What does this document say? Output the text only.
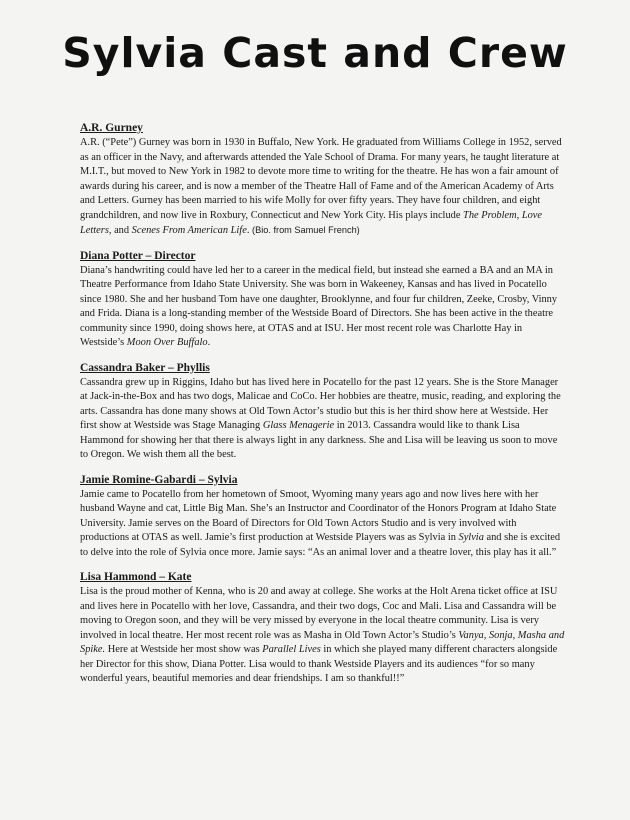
Sylvia Cast and Crew
A.R. Gurney

A.R. (“Pete”) Gurney was born in 1930 in Buffalo, New York. He graduated from Williams College in 1952, served as an officer in the Navy, and afterwards attended the Yale School of Drama. For many years, he taught literature at M.I.T., but moved to New York in 1982 to devote more time to writing for the theatre. He has won a fair amount of awards during his career, and is now a member of the Theatre Hall of Fame and of the American Academy of Arts and Letters. Gurney has been married to his wife Molly for over fifty years. They have four children, and eight grandchildren, and now live in Roxbury, Connecticut and New York City. His plays include The Problem, Love Letters, and Scenes From American Life. (Bio. from Samuel French)

Diana Potter – Director

Diana’s handwriting could have led her to a career in the medical field, but instead she earned a BA and an MA in Theatre Performance from Idaho State University. She was born in Wakeeney, Kansas and has lived in Pocatello since 1980. She and her husband Tom have one daughter, Brooklynne, and four fur children, Zeeke, Crosby, Vinny and Frida. Diana is a long-standing member of the Westside Board of Directors. She has been active in the theatre community since 1990, doing shows here, at OTAS and at ISU. Her most recent role was Charlotte Hay in Westside’s Moon Over Buffalo.

Cassandra Baker – Phyllis

Cassandra grew up in Riggins, Idaho but has lived here in Pocatello for the past 12 years. She is the Store Manager at Jack-in-the-Box and has two dogs, Malicae and CoCo. Her hobbies are theatre, music, reading, and exploring the arts. Cassandra has done many shows at Old Town Actor’s studio but this is her third show here at Westside. Her first show at Westside was Stage Managing Glass Menagerie in 2013. Cassandra would like to thank Lisa Hammond for showing her that there is always light in any darkness. She and Lisa will be leaving us soon to move to Oregon. We wish them all the best.

Jamie Romine-Gabardi – Sylvia

Jamie came to Pocatello from her hometown of Smoot, Wyoming many years ago and now lives here with her husband Wayne and cat, Little Big Man. She’s an Instructor and Coordinator of the Honors Program at Idaho State University. Jamie serves on the Board of Directors for Old Town Actors Studio and is very involved with productions at OTAS as well. Jamie’s first production at Westside Players was as Sylvia in Sylvia and she is excited to delve into the role of Sylvia once more. Jamie says: “As an animal lover and a theatre lover, this play has it all.”

Lisa Hammond – Kate

Lisa is the proud mother of Kenna, who is 20 and away at college. She works at the Holt Arena ticket office at ISU and lives here in Pocatello with her love, Cassandra, and their two dogs, Coc and Mali. Lisa and Cassandra will be moving to Oregon soon, and they will be very missed by everyone in the local theatre community. Lisa is very involved in local theatre. Her most recent role was as Masha in Old Town Actor’s Studio’s Vanya, Sonja, Masha and Spike. Here at Westside her most show was Parallel Lives in which she played many different characters alongside her Director for this show, Diana Potter. Lisa would to thank Westside Players and its audiences “for so many wonderful years, beautiful memories and dear friendships. I am so thankful!!”
